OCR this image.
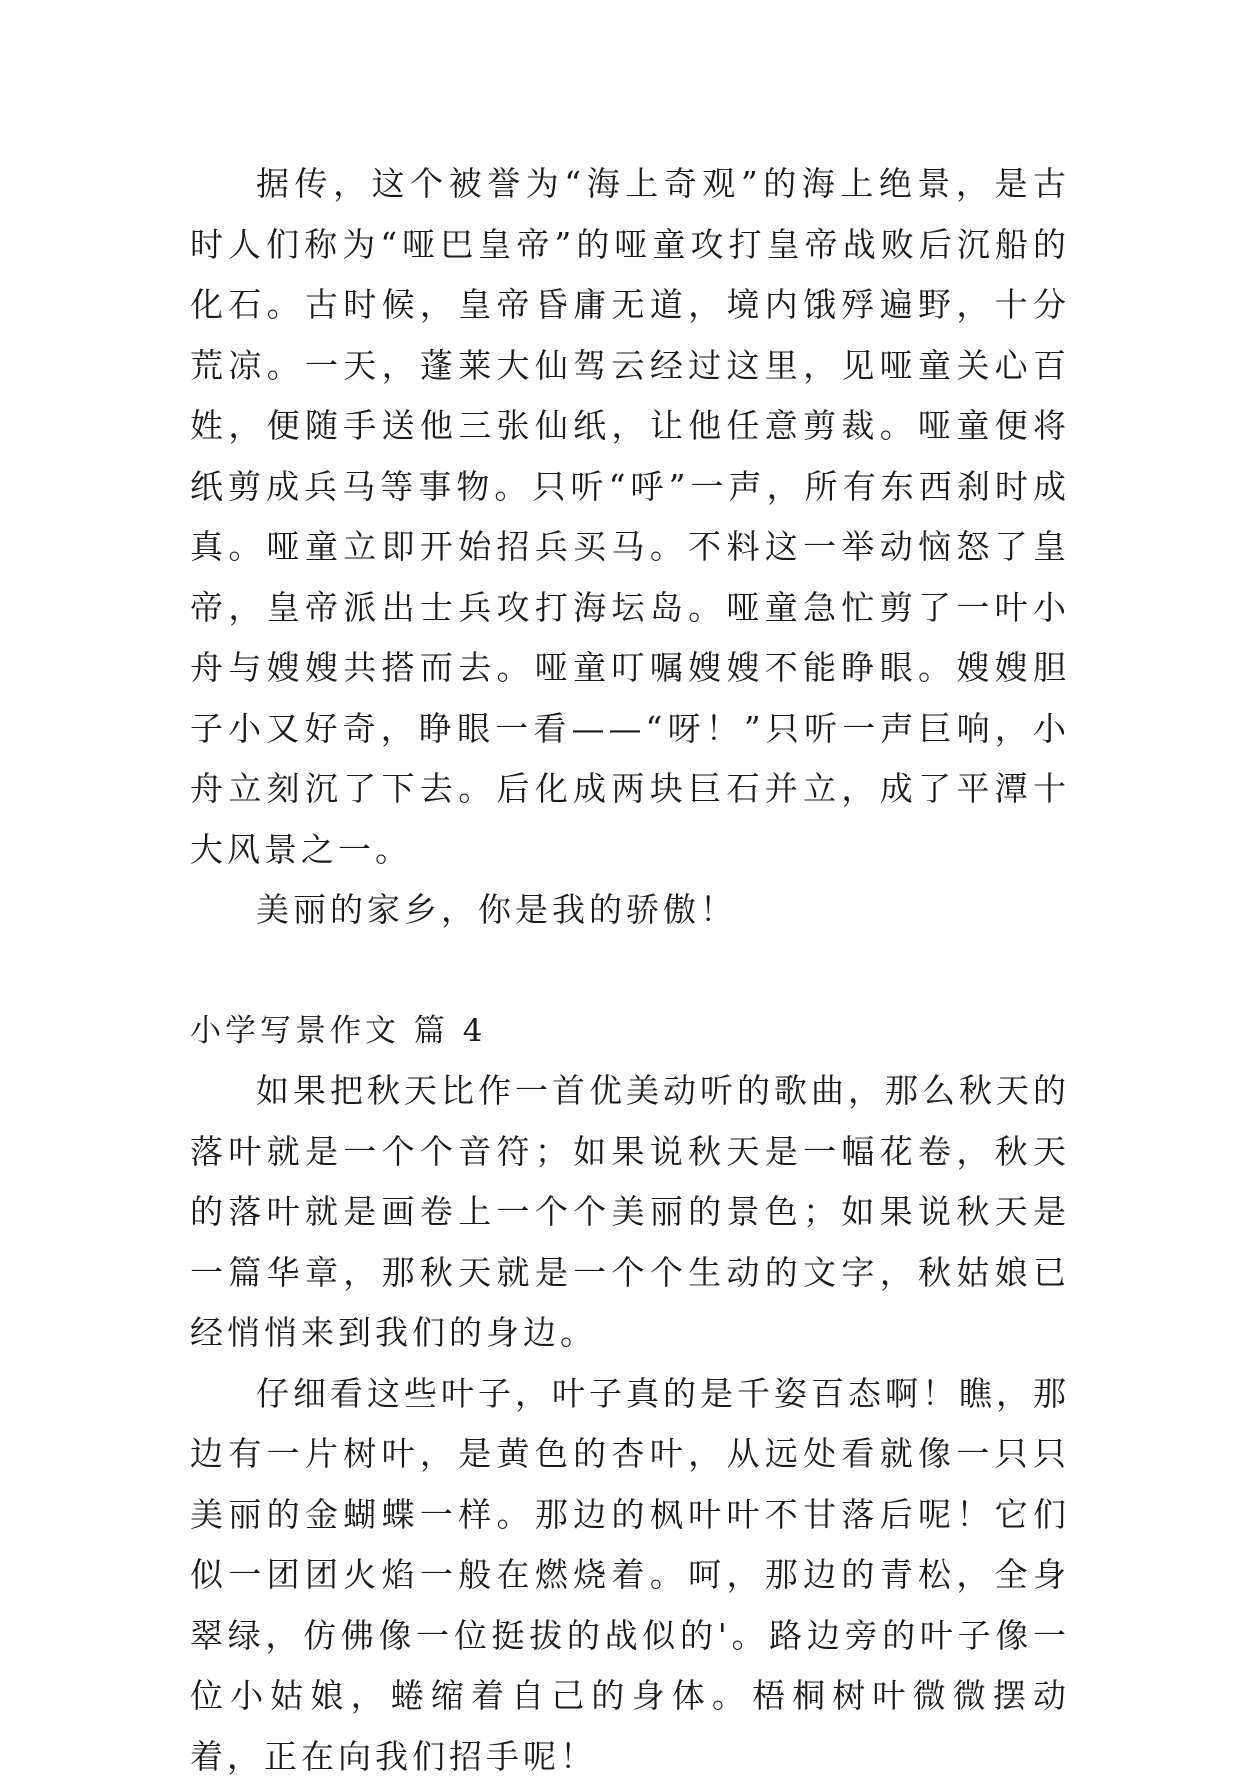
据传，这个被誉为“海上奇观”的海上绝景，是古时人们称为“哑巴皇帝”的哑童攻打皇帝战败后沉船的化石。古时候，皇帝昏庸无道，境内饿殍遍野，十分荒凉。一天，蓬莱大仙驾云经过这里，见哑童关心百姓，便随手送他三张仙纸，让他任意剪裁。哑童便将纸剪成兵马等事物。只听“呼”一声，所有东西刹时成真。哑童立即开始招兵买马。不料这一举动恼怒了皇帝，皇帝派出士兵攻打海坛岛。哑童急忙剪了一叶小舟与嫂嫂共搭而去。哑童叮嘱嫂嫂不能睁眼。嫂嫂胆子小又好奇，睁眼一看——“呀！”只听一声巨响，小舟立刻沉了下去。后化成两块巨石并立，成了平潭十大风景之一。

美丽的家乡，你是我的骄傲！

小学写景作文 篇 4

如果把秋天比作一首优美动听的歌曲，那么秋天的落叶就是一个个音符；如果说秋天是一幅花卷，秋天的落叶就是画卷上一个个美丽的景色；如果说秋天是一篇华章，那秋天就是一个个生动的文字，秋姑娘已经悄悄来到我们的身边。

仔细看这些叶子，叶子真的是千姿百态啊！瞧，那边有一片树叶，是黄色的杏叶，从远处看就像一只只美丽的金蝴蝶一样。那边的枫叶叶不甘落后呢！它们似一团团火焰一般在燃烧着。呵，那边的青松，全身翠绿，仿佛像一位挺拔的战似的'。路边旁的叶子像一位小姑娘，蜷缩着自己的身体。梧桐树叶微微摆动着，正在向我们招手呢！
